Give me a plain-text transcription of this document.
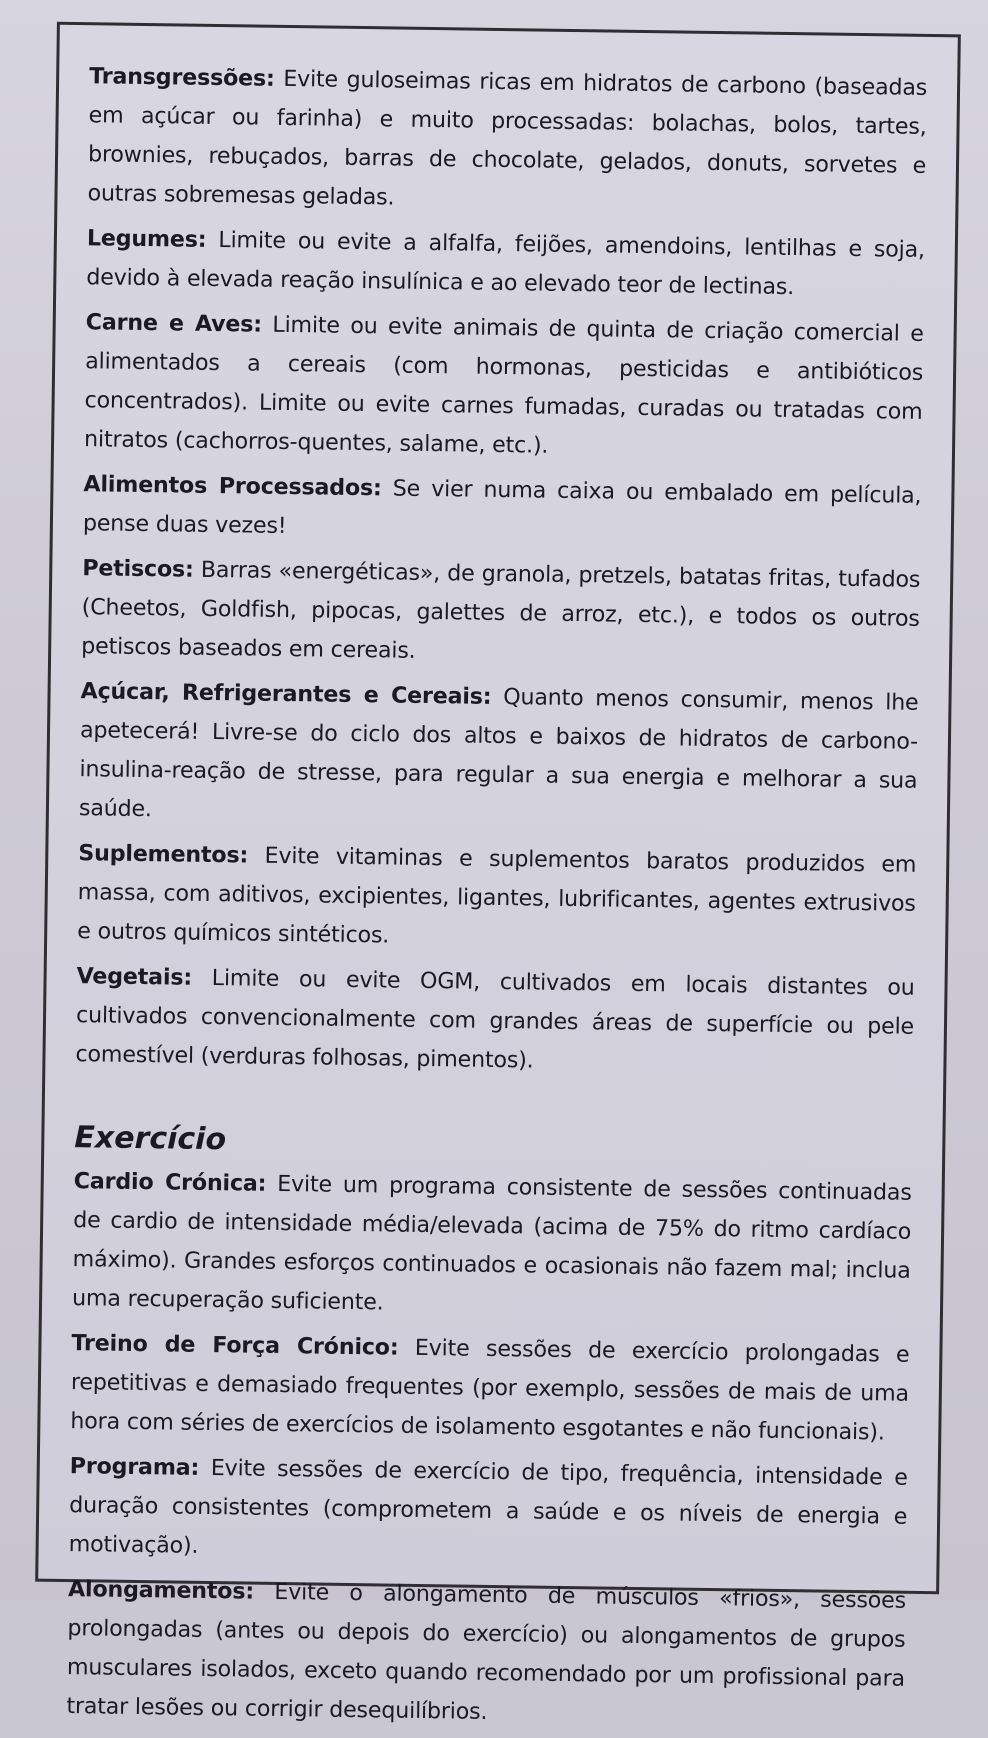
Transgressões: Evite guloseimas ricas em hidratos de carbono (baseadas em açúcar ou farinha) e muito processadas: bolachas, bolos, tartes, brownies, rebuçados, barras de chocolate, gelados, donuts, sorvetes e outras sobremesas geladas.

Legumes: Limite ou evite a alfalfa, feijões, amendoins, lentilhas e soja, devido à elevada reação insulínica e ao elevado teor de lectinas.

Carne e Aves: Limite ou evite animais de quinta de criação comercial e alimentados a cereais (com hormonas, pesticidas e antibióticos concentrados). Limite ou evite carnes fumadas, curadas ou tratadas com nitratos (cachorros-quentes, salame, etc.).

Alimentos Processados: Se vier numa caixa ou embalado em película, pense duas vezes!

Petiscos: Barras «energéticas», de granola, pretzels, batatas fritas, tufados (Cheetos, Goldfish, pipocas, galettes de arroz, etc.), e todos os outros petiscos baseados em cereais.

Açúcar, Refrigerantes e Cereais: Quanto menos consumir, menos lhe apetecerá! Livre-se do ciclo dos altos e baixos de hidratos de carbono-insulina-reação de stresse, para regular a sua energia e melhorar a sua saúde.

Suplementos: Evite vitaminas e suplementos baratos produzidos em massa, com aditivos, excipientes, ligantes, lubrificantes, agentes extrusivos e outros químicos sintéticos.

Vegetais: Limite ou evite OGM, cultivados em locais distantes ou cultivados convencionalmente com grandes áreas de superfície ou pele comestível (verduras folhosas, pimentos).

Exercício

Cardio Crónica: Evite um programa consistente de sessões continuadas de cardio de intensidade média/elevada (acima de 75% do ritmo cardíaco máximo). Grandes esforços continuados e ocasionais não fazem mal; inclua uma recuperação suficiente.

Treino de Força Crónico: Evite sessões de exercício prolongadas e repetitivas e demasiado frequentes (por exemplo, sessões de mais de uma hora com séries de exercícios de isolamento esgotantes e não funcionais).

Programa: Evite sessões de exercício de tipo, frequência, intensidade e duração consistentes (comprometem a saúde e os níveis de energia e motivação).

Alongamentos: Evite o alongamento de músculos «frios», sessões prolongadas (antes ou depois do exercício) ou alongamentos de grupos musculares isolados, exceto quando recomendado por um profissional para tratar lesões ou corrigir desequilíbrios.
